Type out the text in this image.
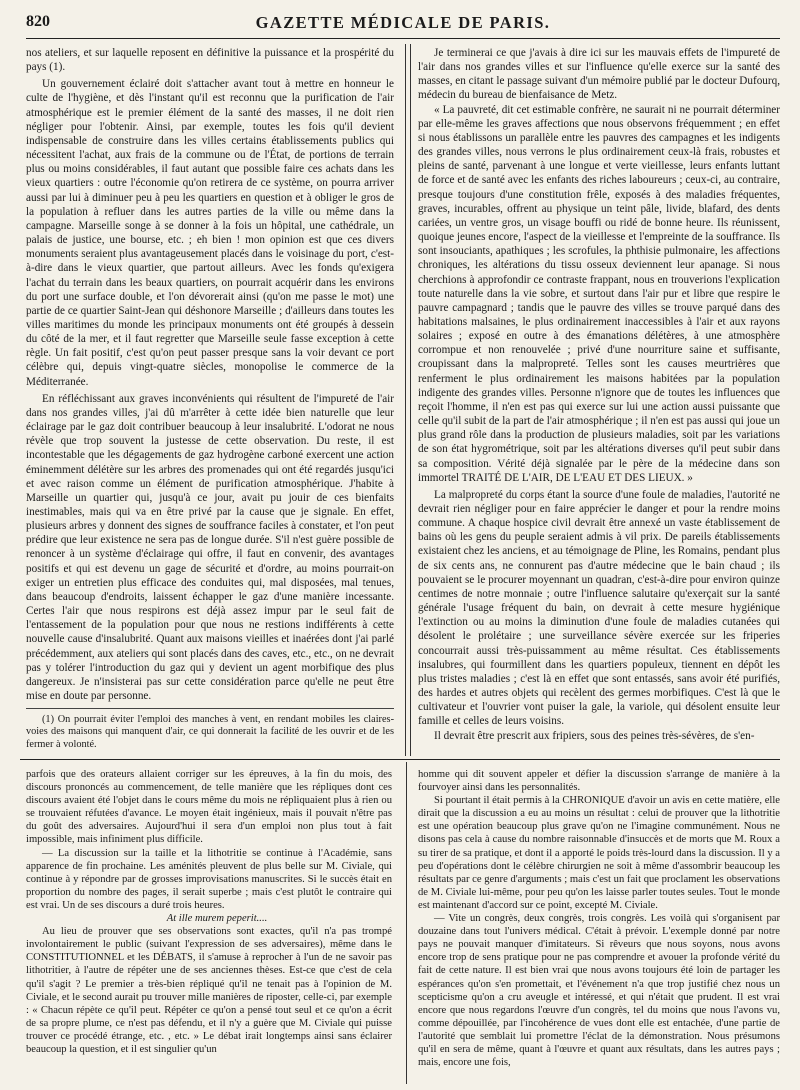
820	GAZETTE MÉDICALE DE PARIS.

nos ateliers, et sur laquelle reposent en définitive la puissance et la prospérité du pays (1).

Un gouvernement éclairé doit s'attacher avant tout à mettre en honneur le culte de l'hygiène, et dès l'instant qu'il est reconnu que la purification de l'air atmosphérique est le premier élément de la santé des masses, il ne doit rien négliger pour l'obtenir. Ainsi, par exemple, toutes les fois qu'il devient indispensable de construire dans les villes certains établissements publics qui nécessitent l'achat, aux frais de la commune ou de l'État, de portions de terrain plus ou moins considérables, il faut autant que possible faire ces achats dans les vieux quartiers : outre l'économie qu'on retirera de ce système, on pourra arriver aussi par lui à diminuer peu à peu les quartiers en question et à obliger le gros de la population à refluer dans les autres parties de la ville ou même dans la campagne. Marseille songe à se donner à la fois un hôpital, une cathédrale, un palais de justice, une bourse, etc. ; eh bien ! mon opinion est que ces divers monuments seraient plus avantageusement placés dans le voisinage du port, c'est-à-dire dans le vieux quartier, que partout ailleurs. Avec les fonds qu'exigera l'achat du terrain dans les beaux quartiers, on pourrait acquérir dans les environs du port une surface double, et l'on dévorerait ainsi (qu'on me passe le mot) une partie de ce quartier Saint-Jean qui déshonore Marseille ; d'ailleurs dans toutes les villes maritimes du monde les principaux monuments ont été groupés à dessein du côté de la mer, et il faut regretter que Marseille seule fasse exception à cette règle. Un fait positif, c'est qu'on peut passer presque sans la voir devant ce port célèbre qui, depuis vingt-quatre siècles, monopolise le commerce de la Méditerranée.

En réfléchissant aux graves inconvénients qui résultent de l'impureté de l'air dans nos grandes villes, j'ai dû m'arrêter à cette idée bien naturelle que leur éclairage par le gaz doit contribuer beaucoup à leur insalubrité. L'odorat ne nous révèle que trop souvent la justesse de cette observation. Du reste, il est incontestable que les dégagements de gaz hydrogène carboné exercent une action éminemment délétère sur les arbres des promenades qui ont été regardés jusqu'ici et avec raison comme un élément de purification atmosphérique. J'habite à Marseille un quartier qui, jusqu'à ce jour, avait pu jouir de ces bienfaits inestimables, mais qui va en être privé par la cause que je signale. En effet, plusieurs arbres y donnent des signes de souffrance faciles à constater, et l'on peut prédire que leur existence ne sera pas de longue durée. S'il n'est guère possible de renoncer à un système d'éclairage qui offre, il faut en convenir, des avantages positifs et qui est devenu un gage de sécurité et d'ordre, au moins pourrait-on exiger un entretien plus efficace des conduites qui, mal disposées, mal tenues, dans beaucoup d'endroits, laissent échapper le gaz d'une manière incessante. Certes l'air que nous respirons est déjà assez impur par le seul fait de l'entassement de la population pour que nous ne restions indifférents à cette nouvelle cause d'insalubrité. Quant aux maisons vieilles et inaérées dont j'ai parlé précédemment, aux ateliers qui sont placés dans des caves, etc., etc., on ne devrait pas y tolérer l'introduction du gaz qui y devient un agent morbifique des plus dangereux. Je n'insisterai pas sur cette considération parce qu'elle ne peut être mise en doute par personne.

(1) On pourrait éviter l'emploi des manches à vent, en rendant mobiles les claires-voies des maisons qui manquent d'air, ce qui donnerait la facilité de les ouvrir et de les fermer à volonté.

Je terminerai ce que j'avais à dire ici sur les mauvais effets de l'impureté de l'air dans nos grandes villes et sur l'influence qu'elle exerce sur la santé des masses, en citant le passage suivant d'un mémoire publié par le docteur Dufourq, médecin du bureau de bienfaisance de Metz.

« La pauvreté, dit cet estimable confrère, ne saurait ni ne pourrait déterminer par elle-même les graves affections que nous observons fréquemment ; en effet si nous établissons un parallèle entre les pauvres des campagnes et les indigents des grandes villes, nous verrons le plus ordinairement ceux-là frais, robustes et pleins de santé, parvenant à une longue et verte vieillesse, leurs enfants luttant de force et de santé avec les enfants des riches laboureurs ; ceux-ci, au contraire, presque toujours d'une constitution frêle, exposés à des maladies fréquentes, graves, incurables, offrent au physique un teint pâle, livide, blafard, des dents cariées, un ventre gros, un visage bouffi ou ridé de bonne heure. Ils réunissent, quoique jeunes encore, l'aspect de la vieillesse et l'empreinte de la souffrance. Ils sont insouciants, apathiques ; les scrofules, la phthisie pulmonaire, les affections chroniques, les altérations du tissu osseux deviennent leur apanage. Si nous cherchions à approfondir ce contraste frappant, nous en trouverions l'explication toute naturelle dans la vie sobre, et surtout dans l'air pur et libre que respire le pauvre campagnard ; tandis que le pauvre des villes se trouve parqué dans des habitations malsaines, le plus ordinairement inaccessibles à l'air et aux rayons solaires ; exposé en outre à des émanations délétères, à une atmosphère corrompue et non renouvelée ; privé d'une nourriture saine et suffisante, croupissant dans la malpropreté. Telles sont les causes meurtrières que renferment le plus ordinairement les maisons habitées par la population indigente des grandes villes. Personne n'ignore que de toutes les influences que reçoit l'homme, il n'en est pas qui exerce sur lui une action aussi puissante que celle qu'il subit de la part de l'air atmosphérique ; il n'en est pas aussi qui joue un plus grand rôle dans la production de plusieurs maladies, soit par les variations de son état hygrométrique, soit par les altérations diverses qu'il peut subir dans sa composition. Vérité déjà signalée par le père de la médecine dans son immortel TRAITÉ DE L'AIR, DE L'EAU ET DES LIEUX. »

La malpropreté du corps étant la source d'une foule de maladies, l'autorité ne devrait rien négliger pour en faire apprécier le danger et pour la rendre moins commune. A chaque hospice civil devrait être annexé un vaste établissement de bains où les gens du peuple seraient admis à vil prix. De pareils établissements existaient chez les anciens, et au témoignage de Pline, les Romains, pendant plus de six cents ans, ne connurent pas d'autre médecine que le bain chaud ; ils pouvaient se le procurer moyennant un quadran, c'est-à-dire pour environ quinze centimes de notre monnaie ; outre l'influence salutaire qu'exerçait sur la santé générale l'usage fréquent du bain, on devrait à cette mesure hygiénique l'extinction ou au moins la diminution d'une foule de maladies cutanées qui désolent le prolétaire ; une surveillance sévère exercée sur les friperies concourrait aussi très-puissamment au même résultat. Ces établissements insalubres, qui fourmillent dans les quartiers populeux, tiennent en dépôt les plus tristes maladies ; c'est là en effet que sont entassés, sans avoir été purifiés, des hardes et autres objets qui recèlent des germes morbifiques. C'est là que le cultivateur et l'ouvrier vont puiser la gale, la variole, qui désolent ensuite leur famille et celles de leurs voisins.

Il devrait être prescrit aux fripiers, sous des peines très-sévères, de s'en-

parfois que des orateurs allaient corriger sur les épreuves, à la fin du mois, des discours prononcés au commencement, de telle manière que les répliques dont ces discours avaient été l'objet dans le cours même du mois ne répliquaient plus à rien ou se trouvaient réfutées d'avance. Le moyen était ingénieux, mais il pouvait n'être pas du goût des adversaires. Aujourd'hui il sera d'un emploi non plus tout à fait impossible, mais infiniment plus difficile.

— La discussion sur la taille et la lithotritie se continue à l'Académie, sans apparence de fin prochaine. Les aménités pleuvent de plus belle sur M. Civiale, qui continue à y répondre par de grosses improvisations manuscrites. Si le succès était en proportion du nombre des pages, il serait superbe ; mais c'est plutôt le contraire qui est vrai. Un de ses discours a duré trois heures.

At ille murem peperit....

Au lieu de prouver que ses observations sont exactes, qu'il n'a pas trompé involontairement le public (suivant l'expression de ses adversaires), même dans le CONSTITUTIONNEL et les DÉBATS, il s'amuse à reprocher à l'un de ne savoir pas lithotritier, à l'autre de répéter une de ses anciennes thèses. Est-ce que c'est de cela qu'il s'agit ? Le premier a très-bien répliqué qu'il ne tenait pas à l'opinion de M. Civiale, et le second aurait pu trouver mille manières de riposter, celle-ci, par exemple : « Chacun répète ce qu'il peut. Répéter ce qu'on a pensé tout seul et ce qu'on a écrit de sa propre plume, ce n'est pas défendu, et il n'y a guère que M. Civiale qui puisse trouver ce procédé étrange, etc. , etc. » Le débat irait longtemps ainsi sans éclairer beaucoup la question, et il est singulier qu'un

homme qui dit souvent appeler et défier la discussion s'arrange de manière à la fourvoyer ainsi dans les personnalités.

Si pourtant il était permis à la CHRONIQUE d'avoir un avis en cette matière, elle dirait que la discussion a eu au moins un résultat : celui de prouver que la lithotritie est une opération beaucoup plus grave qu'on ne l'imagine communément. Nous ne disons pas cela à cause du nombre raisonnable d'insuccès et de morts que M. Roux a su tirer de sa pratique, et dont il a apporté le poids très-lourd dans la discussion. Il y a peu d'opérations dont le célèbre chirurgien ne soit à même d'assombrir beaucoup les résultats par ce genre d'arguments ; mais c'est un fait que proclament les observations de M. Civiale lui-même, pour peu qu'on les laisse parler toutes seules. Tout le monde est maintenant d'accord sur ce point, excepté M. Civiale.

— Vite un congrès, deux congrès, trois congrès. Les voilà qui s'organisent par douzaine dans tout l'univers médical. C'était à prévoir. L'exemple donné par notre pays ne pouvait manquer d'imitateurs. Si rêveurs que nous soyons, nous avons encore trop de sens pratique pour ne pas comprendre et avouer la profonde vérité du fait de cette nature. Il est bien vrai que nous avons toujours été loin de partager les espérances qu'on s'en promettait, et l'événement n'a que trop justifié chez nous un scepticisme qu'on a cru aveugle et intéressé, et qui n'était que prudent. Il est vrai encore que nous regardons l'œuvre d'un congrès, tel du moins que nous l'avons vu, comme dépouillée, par l'incohérence de vues dont elle est entachée, d'une partie de l'autorité que semblait lui promettre l'éclat de la démonstration. Nous présumons qu'il en sera de même, quant à l'œuvre et quant aux résultats, dans les autres pays ; mais, encore une fois,
